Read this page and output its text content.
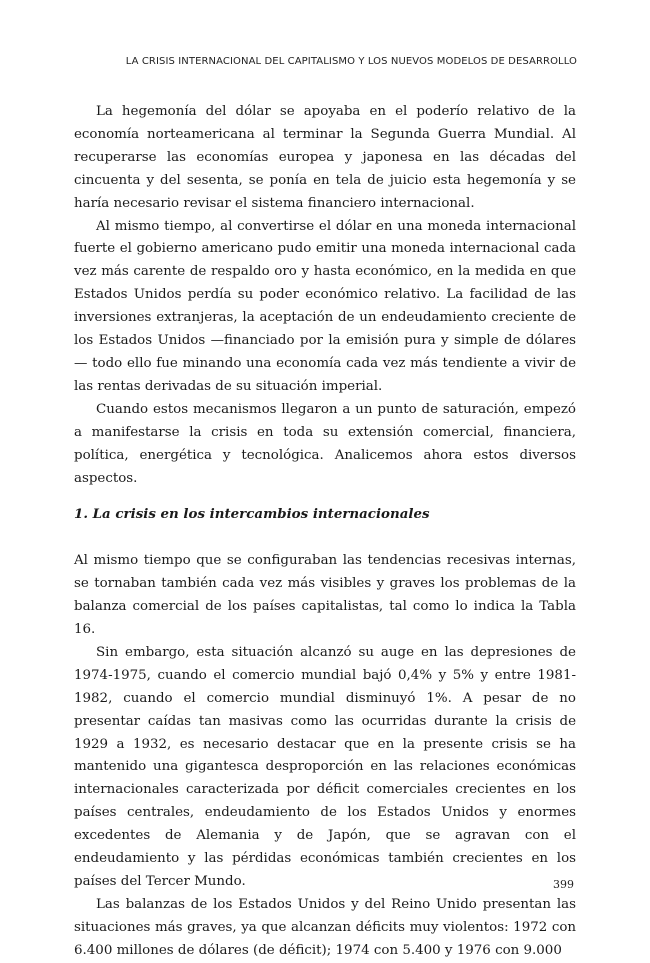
LA CRISIS INTERNACIONAL DEL CAPITALISMO Y LOS NUEVOS MODELOS DE DESARROLLO

La hegemonía del dólar se apoyaba en el poderío relativo de la economía norteamericana al terminar la Segunda Guerra Mundial. Al recuperarse las economías europea y japonesa en las décadas del cincuenta y del sesenta, se ponía en tela de juicio esta hegemonía y se haría necesario revisar el sistema financiero internacional.

Al mismo tiempo, al convertirse el dólar en una moneda internacional fuerte el gobierno americano pudo emitir una moneda internacional cada vez más carente de respaldo oro y hasta económico, en la medida en que Estados Unidos perdía su poder económico relativo. La facilidad de las inversiones extranjeras, la aceptación de un endeudamiento creciente de los Estados Unidos —financiado por la emisión pura y simple de dólares— todo ello fue minando una economía cada vez más tendiente a vivir de las rentas derivadas de su situación imperial.

Cuando estos mecanismos llegaron a un punto de saturación, empezó a manifestarse la crisis en toda su extensión comercial, financiera, política, energética y tecnológica. Analicemos ahora estos diversos aspectos.

1. La crisis en los intercambios internacionales

Al mismo tiempo que se configuraban las tendencias recesivas internas, se tornaban también cada vez más visibles y graves los problemas de la balanza comercial de los países capitalistas, tal como lo indica la Tabla 16.

Sin embargo, esta situación alcanzó su auge en las depresiones de 1974-1975, cuando el comercio mundial bajó 0,4% y 5% y entre 1981-1982, cuando el comercio mundial disminuyó 1%. A pesar de no presentar caídas tan masivas como las ocurridas durante la crisis de 1929 a 1932, es necesario destacar que en la presente crisis se ha mantenido una gigantesca desproporción en las relaciones económicas internacionales caracterizada por déficit comerciales crecientes en los países centrales, endeudamiento de los Estados Unidos y enormes excedentes de Alemania y de Japón, que se agravan con el endeudamiento y las pérdidas económicas también crecientes en los países del Tercer Mundo.

Las balanzas de los Estados Unidos y del Reino Unido presentan las situaciones más graves, ya que alcanzan déficits muy violentos: 1972 con 6.400 millones de dólares (de déficit); 1974 con 5.400 y 1976 con 9.000

399
